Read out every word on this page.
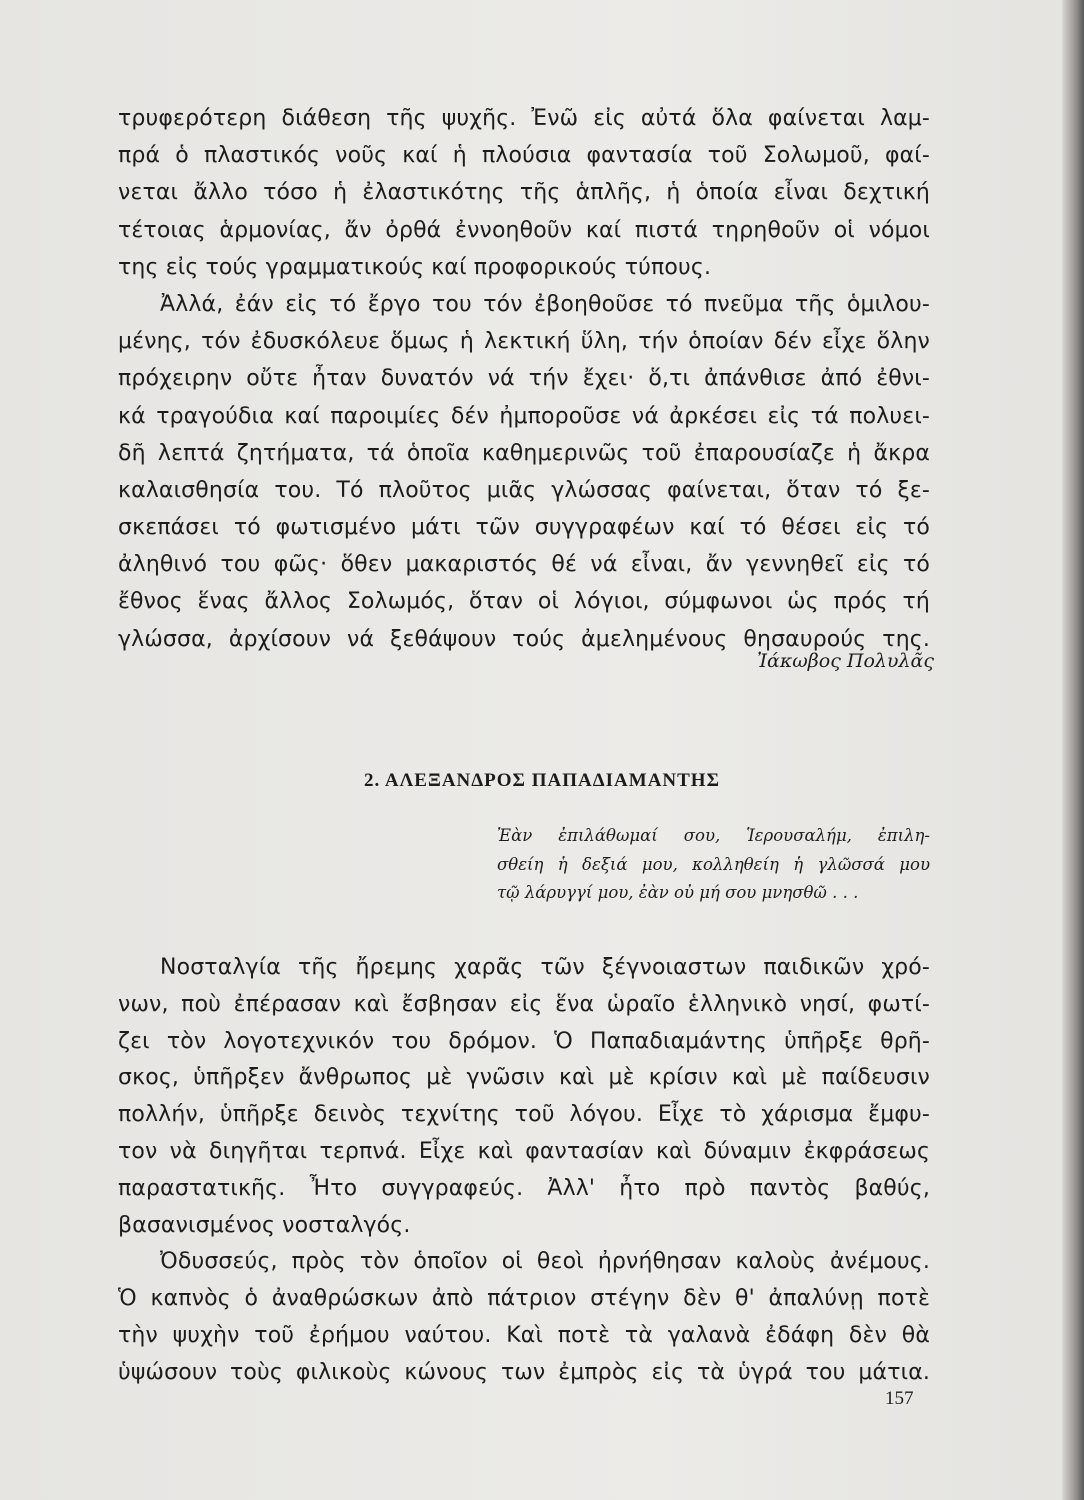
τρυφερότερη διάθεση τῆς ψυχῆς. Ἐνῶ εἰς αὐτά ὅλα φαίνεται λαμ-
πρά ὁ πλαστικός νοῦς καί ἡ πλούσια φαντασία τοῦ Σολωμοῦ, φαί-
νεται ἄλλο τόσο ἡ ἐλαστικότης τῆς ἁπλῆς, ἡ ὁποία εἶναι δεχτική
τέτοιας ἁρμονίας, ἄν ὀρθά ἐννοηθοῦν καί πιστά τηρηθοῦν οἱ νόμοι
της εἰς τούς γραμματικούς καί προφορικούς τύπους.
Ἀλλά, ἐάν εἰς τό ἔργο του τόν ἐβοηθοῦσε τό πνεῦμα τῆς ὁμιλου-
μένης, τόν ἐδυσκόλευε ὅμως ἡ λεκτική ὕλη, τήν ὁποίαν δέν εἶχε ὅλην
πρόχειρην οὔτε ἦταν δυνατόν νά τήν ἔχει· ὅ,τι ἀπάνθισε ἀπό ἐθνι-
κά τραγούδια καί παροιμίες δέν ἠμποροῦσε νά ἀρκέσει εἰς τά πολυει-
δῆ λεπτά ζητήματα, τά ὁποῖα καθημερινῶς τοῦ ἐπαρουσίαζε ἡ ἄκρα
καλαισθησία του. Τό πλοῦτος μιᾶς γλώσσας φαίνεται, ὅταν τό ξε-
σκεπάσει τό φωτισμένο μάτι τῶν συγγραφέων καί τό θέσει εἰς τό
ἀληθινό του φῶς· ὅθεν μακαριστός θέ νά εἶναι, ἄν γεννηθεῖ εἰς τό
ἔθνος ἕνας ἄλλος Σολωμός, ὅταν οἱ λόγιοι, σύμφωνοι ὡς πρός τή
γλώσσα, ἀρχίσουν νά ξεθάψουν τούς ἀμελημένους θησαυρούς της.
Ἰάκωβος Πολυλᾶς
2. ΑΛΕΞΑΝΔΡΟΣ ΠΑΠΑΔΙΑΜΑΝΤΗΣ
Ἐὰν ἐπιλάθωμαί σου, Ἱερουσαλήμ, ἐπιλη-
σθείη ἡ δεξιά μου, κολληθείη ἡ γλῶσσά μου
τῷ λάρυγγί μου, ἐὰν οὐ μή σου μνησθῶ . . .
Νοσταλγία τῆς ἤρεμης χαρᾶς τῶν ξέγνοιαστων παιδικῶν χρό-
νων, ποὺ ἐπέρασαν καὶ ἔσβησαν εἰς ἕνα ὡραῖο ἑλληνικὸ νησί, φωτί-
ζει τὸν λογοτεχνικόν του δρόμον. Ὁ Παπαδιαμάντης ὑπῆρξε θρῆ-
σκος, ὑπῆρξεν ἄνθρωπος μὲ γνῶσιν καὶ μὲ κρίσιν καὶ μὲ παίδευσιν
πολλήν, ὑπῆρξε δεινὸς τεχνίτης τοῦ λόγου. Εἶχε τὸ χάρισμα ἔμφυ-
τον νὰ διηγῆται τερπνά. Εἶχε καὶ φαντασίαν καὶ δύναμιν ἐκφράσεως
παραστατικῆς. Ἦτο συγγραφεύς. Ἀλλ' ἦτο πρὸ παντὸς βαθύς,
βασανισμένος νοσταλγός.
Ὀδυσσεύς, πρὸς τὸν ὁποῖον οἱ θεοὶ ἠρνήθησαν καλοὺς ἀνέμους.
Ὁ καπνὸς ὁ ἀναθρώσκων ἀπὸ πάτριον στέγην δὲν θ' ἀπαλύνῃ ποτὲ
τὴν ψυχὴν τοῦ ἐρήμου ναύτου. Καὶ ποτὲ τὰ γαλανὰ ἐδάφη δὲν θὰ
ὑψώσουν τοὺς φιλικοὺς κώνους των ἐμπρὸς εἰς τὰ ὑγρά του μάτια.
157
